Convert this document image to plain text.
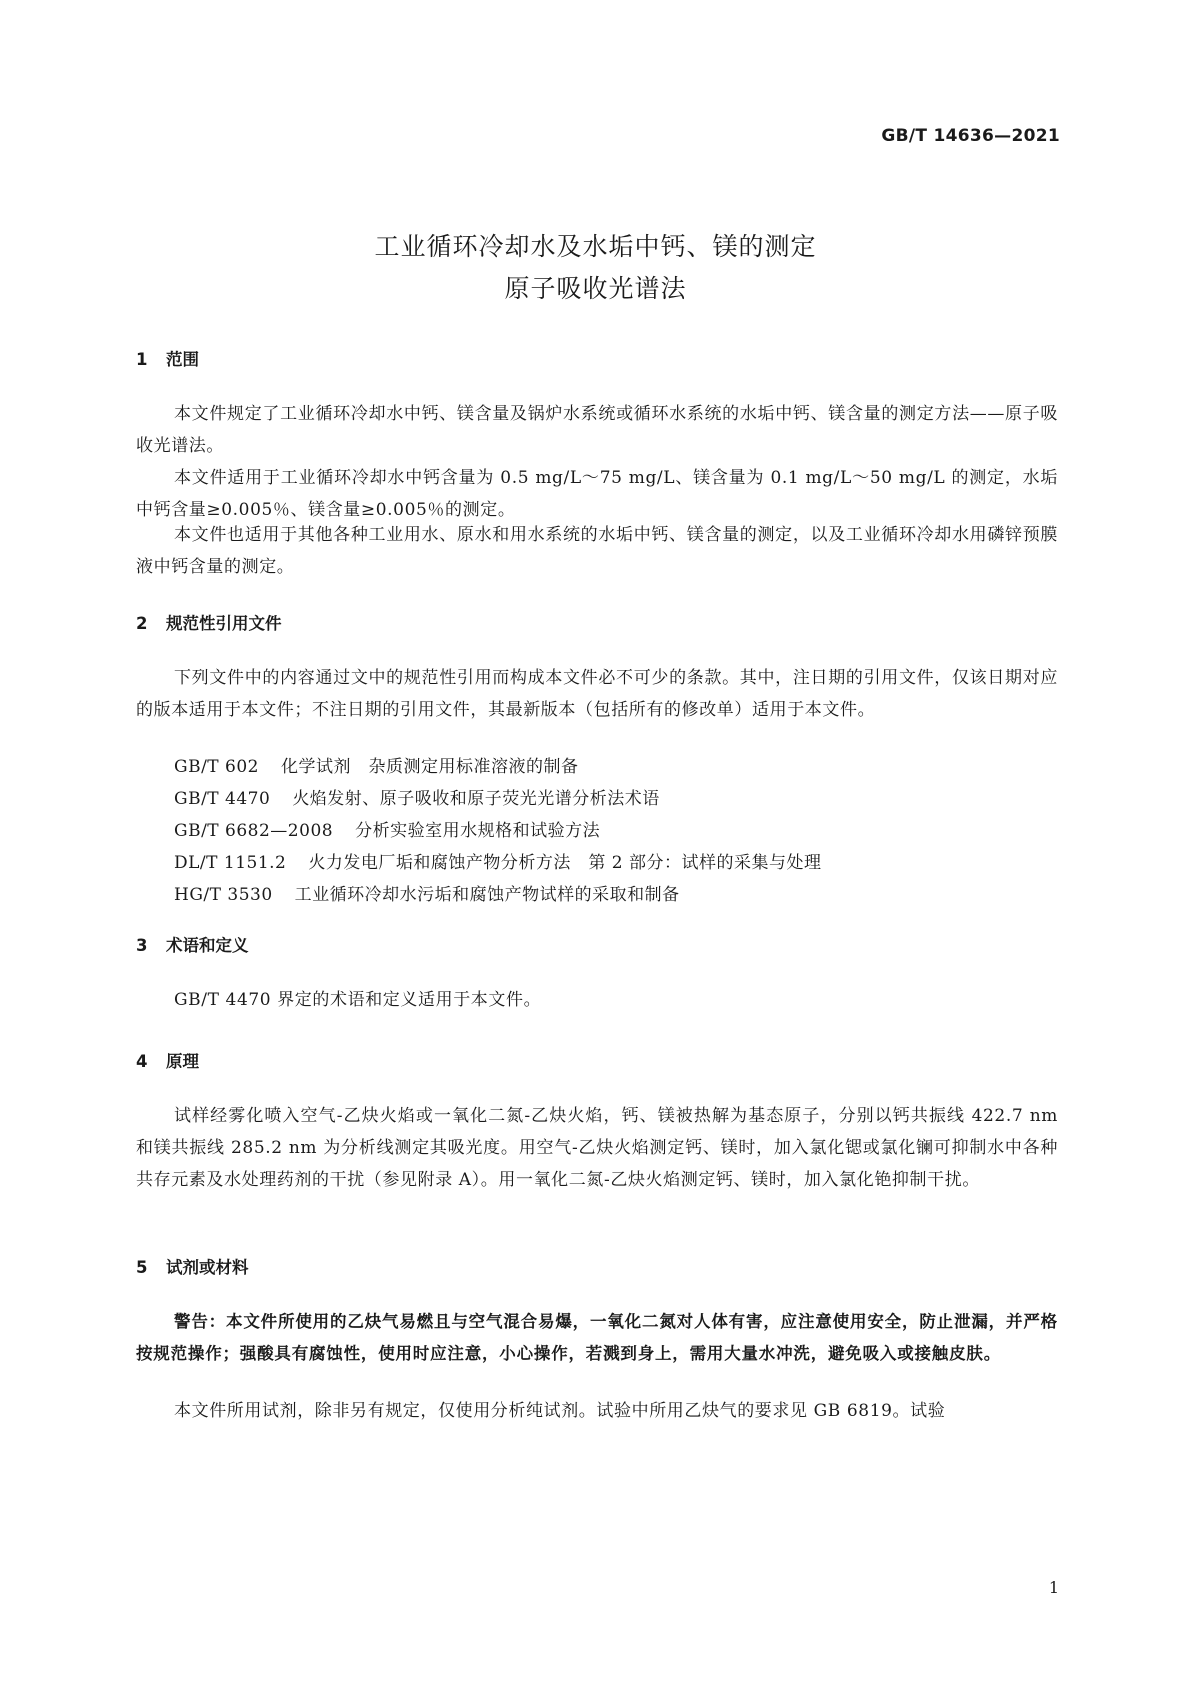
GB/T 14636—2021
工业循环冷却水及水垢中钙、镁的测定
原子吸收光谱法
1 范围

本文件规定了工业循环冷却水中钙、镁含量及锅炉水系统或循环水系统的水垢中钙、镁含量的测定方法——原子吸收光谱法。

本文件适用于工业循环冷却水中钙含量为 0.5 mg/L～75 mg/L、镁含量为 0.1 mg/L～50 mg/L 的测定，水垢中钙含量≥0.005％、镁含量≥0.005％的测定。

本文件也适用于其他各种工业用水、原水和用水系统的水垢中钙、镁含量的测定，以及工业循环冷却水用磷锌预膜液中钙含量的测定。

2 规范性引用文件

下列文件中的内容通过文中的规范性引用而构成本文件必不可少的条款。其中，注日期的引用文件，仅该日期对应的版本适用于本文件；不注日期的引用文件，其最新版本（包括所有的修改单）适用于本文件。

GB/T 602 化学试剂　杂质测定用标准溶液的制备
GB/T 4470 火焰发射、原子吸收和原子荧光光谱分析法术语
GB/T 6682—2008 分析实验室用水规格和试验方法
DL/T 1151.2 火力发电厂垢和腐蚀产物分析方法　第 2 部分：试样的采集与处理
HG/T 3530 工业循环冷却水污垢和腐蚀产物试样的采取和制备
3 术语和定义

GB/T 4470 界定的术语和定义适用于本文件。

4 原理

试样经雾化喷入空气-乙炔火焰或一氧化二氮-乙炔火焰，钙、镁被热解为基态原子，分别以钙共振线 422.7 nm 和镁共振线 285.2 nm 为分析线测定其吸光度。用空气-乙炔火焰测定钙、镁时，加入氯化锶或氯化镧可抑制水中各种共存元素及水处理药剂的干扰（参见附录 A）。用一氧化二氮-乙炔火焰测定钙、镁时，加入氯化铯抑制干扰。

5 试剂或材料

警告：本文件所使用的乙炔气易燃且与空气混合易爆，一氧化二氮对人体有害，应注意使用安全，防止泄漏，并严格按规范操作；强酸具有腐蚀性，使用时应注意，小心操作，若溅到身上，需用大量水冲洗，避免吸入或接触皮肤。

本文件所用试剂，除非另有规定，仅使用分析纯试剂。试验中所用乙炔气的要求见 GB 6819。试验

1
